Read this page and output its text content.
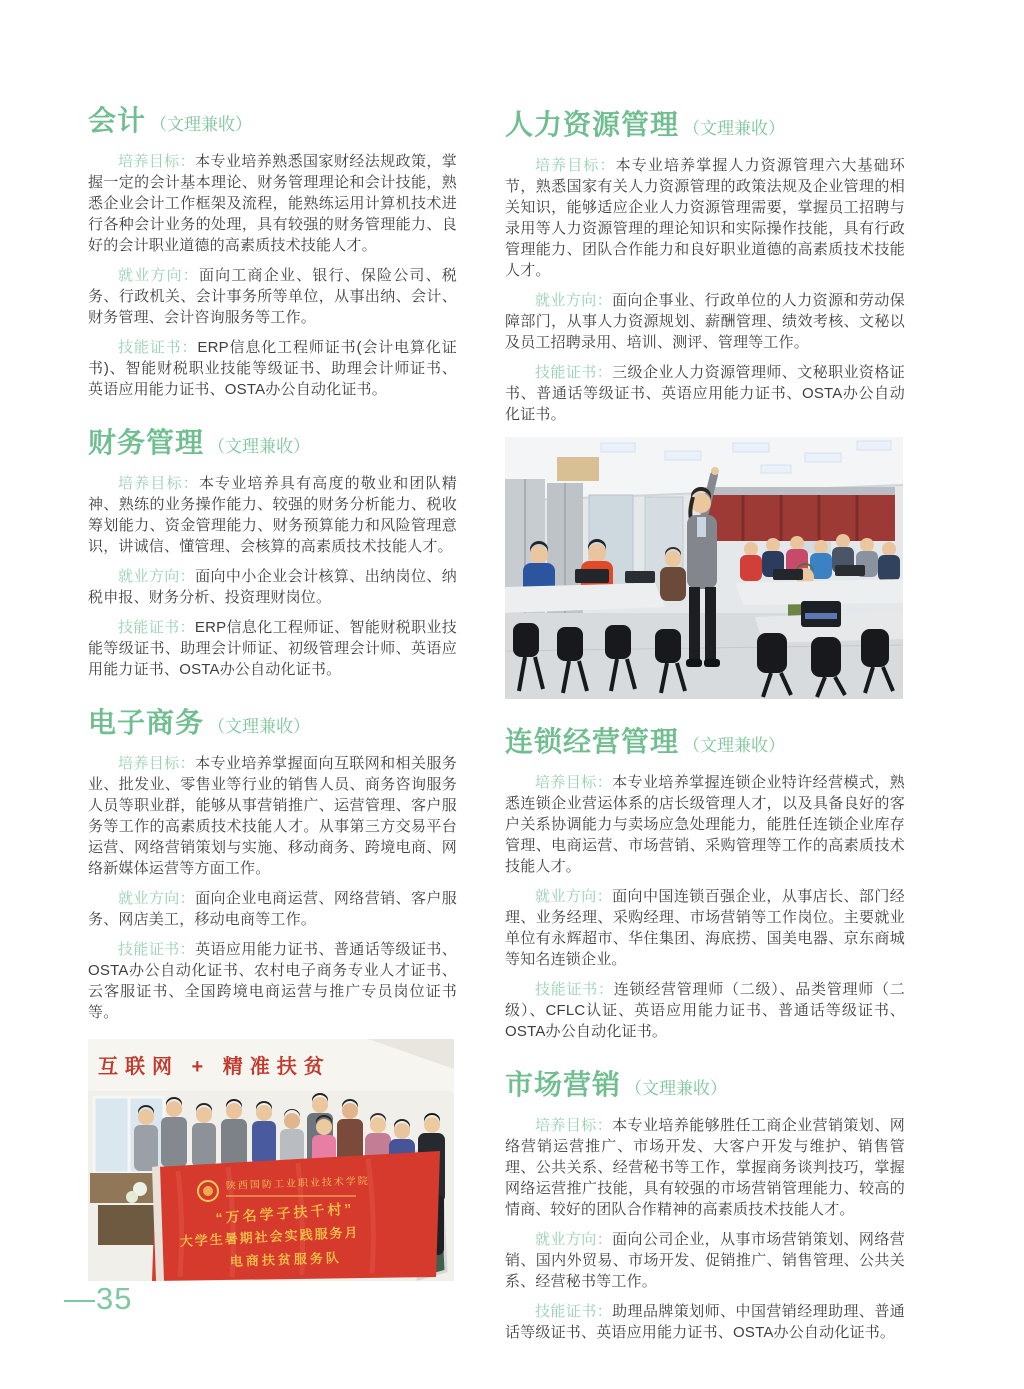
会计 （文理兼收）

培养目标：本专业培养熟悉国家财经法规政策，掌握一定的会计基本理论、财务管理理论和会计技能，熟悉企业会计工作框架及流程，能熟练运用计算机技术进行各种会计业务的处理，具有较强的财务管理能力、良好的会计职业道德的高素质技术技能人才。

就业方向：面向工商企业、银行、保险公司、税务、行政机关、会计事务所等单位，从事出纳、会计、财务管理、会计咨询服务等工作。

技能证书：ERP信息化工程师证书(会计电算化证书)、智能财税职业技能等级证书、助理会计师证书、英语应用能力证书、OSTA办公自动化证书。

财务管理 （文理兼收）

培养目标：本专业培养具有高度的敬业和团队精神、熟练的业务操作能力、较强的财务分析能力、税收筹划能力、资金管理能力、财务预算能力和风险管理意识，讲诚信、懂管理、会核算的高素质技术技能人才。

就业方向：面向中小企业会计核算、出纳岗位、纳税申报、财务分析、投资理财岗位。

技能证书：ERP信息化工程师证、智能财税职业技能等级证书、助理会计师证、初级管理会计师、英语应用能力证书、OSTA办公自动化证书。

电子商务 （文理兼收）

培养目标：本专业培养掌握面向互联网和相关服务业、批发业、零售业等行业的销售人员、商务咨询服务人员等职业群，能够从事营销推广、运营管理、客户服务等工作的高素质技术技能人才。从事第三方交易平台运营、网络营销策划与实施、移动商务、跨境电商、网络新媒体运营等方面工作。

就业方向：面向企业电商运营、网络营销、客户服务、网店美工，移动电商等工作。

技能证书：英语应用能力证书、普通话等级证书、OSTA办公自动化证书、农村电子商务专业人才证书、云客服证书、全国跨境电商运营与推广专员岗位证书等。

互联网 + 精准扶贫
陕西国防工业职业技术学院
“万名学子扶千村”
大学生暑期社会实践服务月
电商扶贫服务队
人力资源管理 （文理兼收）

培养目标：本专业培养掌握人力资源管理六大基础环节，熟悉国家有关人力资源管理的政策法规及企业管理的相关知识，能够适应企业人力资源管理需要，掌握员工招聘与录用等人力资源管理的理论知识和实际操作技能，具有行政管理能力、团队合作能力和良好职业道德的高素质技术技能人才。

就业方向：面向企事业、行政单位的人力资源和劳动保障部门，从事人力资源规划、薪酬管理、绩效考核、文秘以及员工招聘录用、培训、测评、管理等工作。

技能证书：三级企业人力资源管理师、文秘职业资格证书、普通话等级证书、英语应用能力证书、OSTA办公自动化证书。

连锁经营管理 （文理兼收）

培养目标：本专业培养掌握连锁企业特许经营模式，熟悉连锁企业营运体系的店长级管理人才，以及具备良好的客户关系协调能力与卖场应急处理能力，能胜任连锁企业库存管理、电商运营、市场营销、采购管理等工作的高素质技术技能人才。

就业方向：面向中国连锁百强企业，从事店长、部门经理、业务经理、采购经理、市场营销等工作岗位。主要就业单位有永辉超市、华住集团、海底捞、国美电器、京东商城等知名连锁企业。

技能证书：连锁经营管理师（二级）、品类管理师（二级）、CFLC认证、英语应用能力证书、普通话等级证书、OSTA办公自动化证书。

市场营销 （文理兼收）

培养目标：本专业培养能够胜任工商企业营销策划、网络营销运营推广、市场开发、大客户开发与维护、销售管理、公共关系、经营秘书等工作，掌握商务谈判技巧，掌握网络运营推广技能，具有较强的市场营销管理能力、较高的情商、较好的团队合作精神的高素质技术技能人才。

就业方向：面向公司企业，从事市场营销策划、网络营销、国内外贸易、市场开发、促销推广、销售管理、公共关系、经营秘书等工作。

技能证书：助理品牌策划师、中国营销经理助理、普通话等级证书、英语应用能力证书、OSTA办公自动化证书。

—35
